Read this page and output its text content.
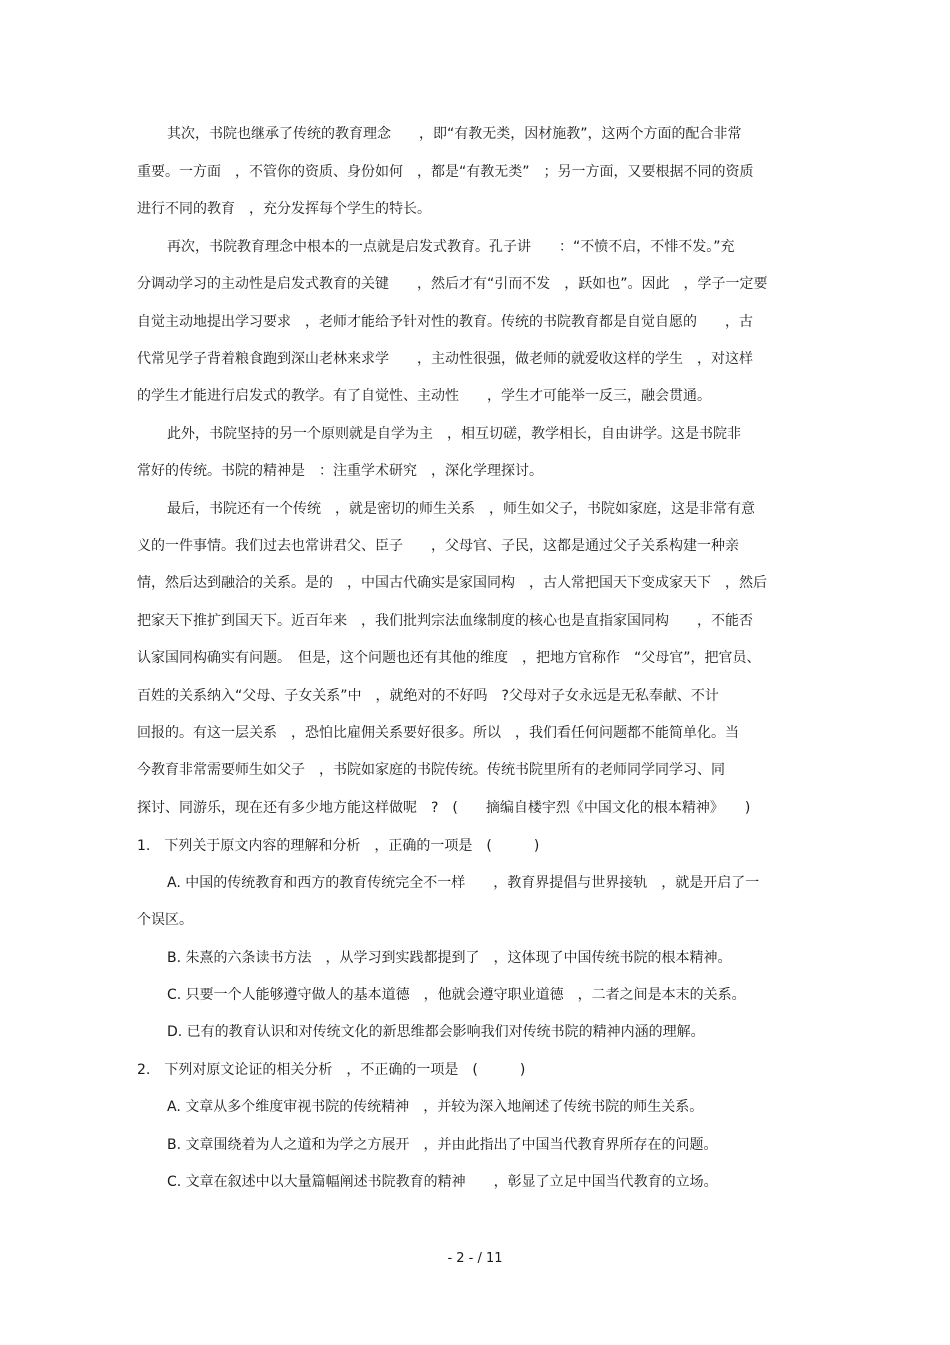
其次，书院也继承了传统的教育理念　　，即“有教无类，因材施教”，这两个方面的配合非常
重要。一方面　，不管你的资质、身份如何　，都是“有教无类”　；另一方面，又要根据不同的资质
进行不同的教育　，充分发挥每个学生的特长。
再次，书院教育理念中根本的一点就是启发式教育。孔子讲　　：“不愤不启，不悱不发。”充
分调动学习的主动性是启发式教育的关键　　，然后才有“引而不发　，跃如也”。因此　，学子一定要
自觉主动地提出学习要求　，老师才能给予针对性的教育。传统的书院教育都是自觉自愿的　　，古
代常见学子背着粮食跑到深山老林来求学　　，主动性很强，做老师的就爱收这样的学生　，对这样
的学生才能进行启发式的教学。有了自觉性、主动性　　，学生才可能举一反三，融会贯通。
此外，书院坚持的另一个原则就是自学为主　，相互切磋，教学相长，自由讲学。这是书院非
常好的传统。书院的精神是　：注重学术研究　，深化学理探讨。
最后，书院还有一个传统　，就是密切的师生关系　，师生如父子，书院如家庭，这是非常有意
义的一件事情。我们过去也常讲君父、臣子　　，父母官、子民，这都是通过父子关系构建一种亲
情，然后达到融洽的关系。是的　，中国古代确实是家国同构　，古人常把国天下变成家天下　，然后
把家天下推扩到国天下。近百年来　，我们批判宗法血缘制度的核心也是直指家国同构　　，不能否
认家国同构确实有问题。　但是，这个问题也还有其他的维度　，把地方官称作　“父母官”，把官员、
百姓的关系纳入“父母、子女关系”中　，就绝对的不好吗　?父母对子女永远是无私奉献、不计
回报的。有这一层关系　，恐怕比雇佣关系要好很多。所以　，我们看任何问题都不能简单化。当
今教育非常需要师生如父子　，书院如家庭的书院传统。传统书院里所有的老师同学同学习、同
探讨、同游乐，现在还有多少地方能这样做呢　?　(　　摘编自楼宇烈《中国文化的根本精神》　　)
1.　下列关于原文内容的理解和分析　，正确的一项是　(　　　)
A. 中国的传统教育和西方的教育传统完全不一样　　，教育界提倡与世界接轨　，就是开启了一
个误区。
B. 朱熹的六条读书方法　，从学习到实践都提到了　，这体现了中国传统书院的根本精神。
C. 只要一个人能够遵守做人的基本道德　，他就会遵守职业道德　，二者之间是本末的关系。
D. 已有的教育认识和对传统文化的新思维都会影响我们对传统书院的精神内涵的理解。
2.　下列对原文论证的相关分析　，不正确的一项是　(　　　)
A. 文章从多个维度审视书院的传统精神　，并较为深入地阐述了传统书院的师生关系。
B. 文章围绕着为人之道和为学之方展开　，并由此指出了中国当代教育界所存在的问题。
C. 文章在叙述中以大量篇幅阐述书院教育的精神　　，彰显了立足中国当代教育的立场。
- 2 - / 11
